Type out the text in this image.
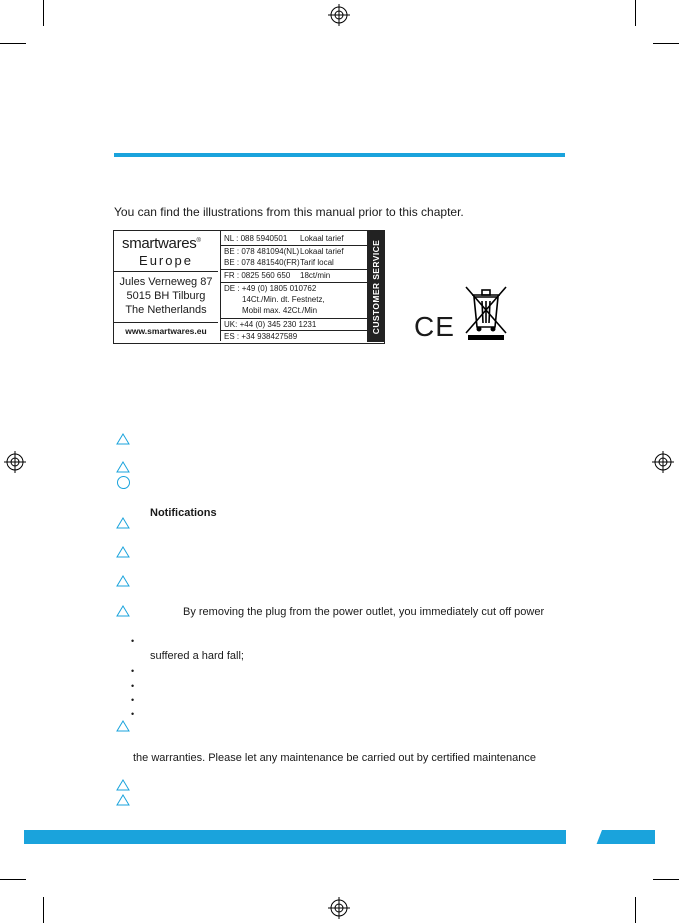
You can find the illustrations from this manual prior to this chapter.
smartwares®
Europe
Jules Verneweg 87
5015 BH Tilburg
The Netherlands
www.smartwares.eu
NL : 088 5940501 Lokaal tarief
BE : 078 481094(NL) Lokaal tarief
BE : 078 481540(FR) Tarif local
FR : 0825 560 650 18ct/min
DE : +49 (0) 1805 010762
14Ct./Min. dt. Festnetz,
Mobil max. 42Ct./Min
UK: +44 (0) 345 230 1231
ES : +34 938427589
CUSTOMER SERVICE CE
Notifications
By removing the plug from the power outlet, you immediately cut off power
•
suffered a hard fall;
•
•
•
•
the warranties. Please let any maintenance be carried out by certified maintenance
